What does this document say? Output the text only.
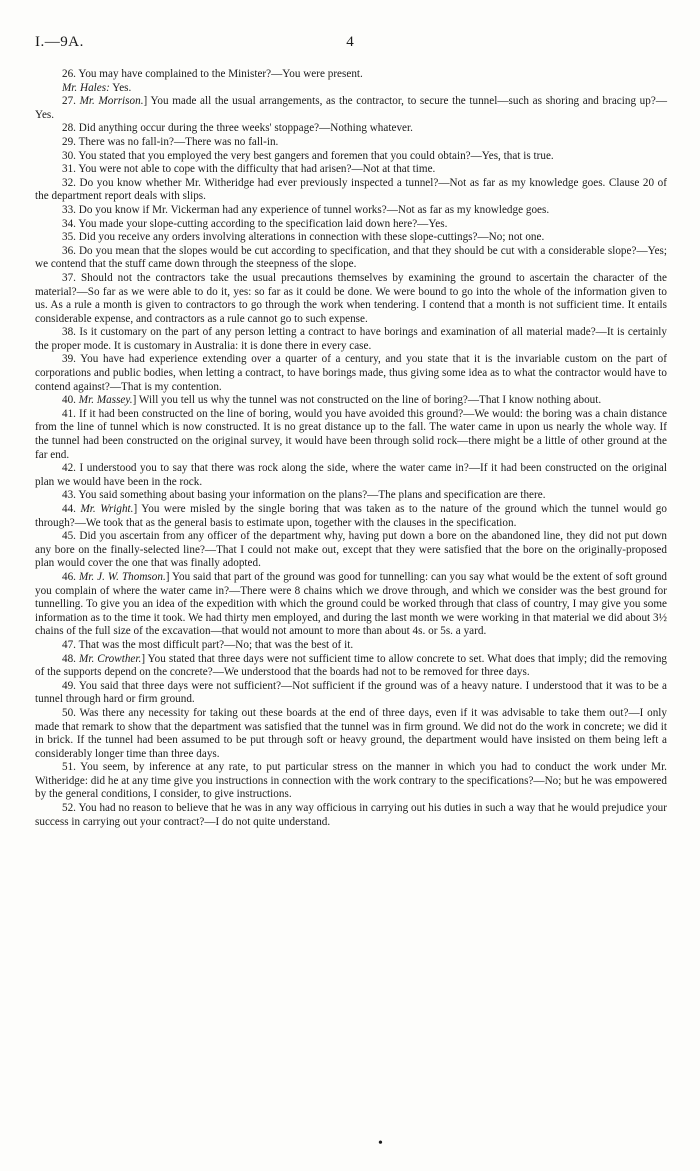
I.—9A.	4

26. You may have complained to the Minister?—You were present.

Mr. Hales: Yes.

27. Mr. Morrison.] You made all the usual arrangements, as the contractor, to secure the tunnel—such as shoring and bracing up?—Yes.

28. Did anything occur during the three weeks' stoppage?—Nothing whatever.

29. There was no fall-in?—There was no fall-in.

30. You stated that you employed the very best gangers and foremen that you could obtain?—Yes, that is true.

31. You were not able to cope with the difficulty that had arisen?—Not at that time.

32. Do you know whether Mr. Witheridge had ever previously inspected a tunnel?—Not as far as my knowledge goes. Clause 20 of the department report deals with slips.

33. Do you know if Mr. Vickerman had any experience of tunnel works?—Not as far as my knowledge goes.

34. You made your slope-cutting according to the specification laid down here?—Yes.

35. Did you receive any orders involving alterations in connection with these slope-cuttings?—No; not one.

36. Do you mean that the slopes would be cut according to specification, and that they should be cut with a considerable slope?—Yes; we contend that the stuff came down through the steepness of the slope.

37. Should not the contractors take the usual precautions themselves by examining the ground to ascertain the character of the material?—So far as we were able to do it, yes: so far as it could be done. We were bound to go into the whole of the information given to us. As a rule a month is given to contractors to go through the work when tendering. I contend that a month is not sufficient time. It entails considerable expense, and contractors as a rule cannot go to such expense.

38. Is it customary on the part of any person letting a contract to have borings and examination of all material made?—It is certainly the proper mode. It is customary in Australia: it is done there in every case.

39. You have had experience extending over a quarter of a century, and you state that it is the invariable custom on the part of corporations and public bodies, when letting a contract, to have borings made, thus giving some idea as to what the contractor would have to contend against?—That is my contention.

40. Mr. Massey.] Will you tell us why the tunnel was not constructed on the line of boring?—That I know nothing about.

41. If it had been constructed on the line of boring, would you have avoided this ground?—We would: the boring was a chain distance from the line of tunnel which is now constructed. It is no great distance up to the fall. The water came in upon us nearly the whole way. If the tunnel had been constructed on the original survey, it would have been through solid rock—there might be a little of other ground at the far end.

42. I understood you to say that there was rock along the side, where the water came in?—If it had been constructed on the original plan we would have been in the rock.

43. You said something about basing your information on the plans?—The plans and specification are there.

44. Mr. Wright.] You were misled by the single boring that was taken as to the nature of the ground which the tunnel would go through?—We took that as the general basis to estimate upon, together with the clauses in the specification.

45. Did you ascertain from any officer of the department why, having put down a bore on the abandoned line, they did not put down any bore on the finally-selected line?—That I could not make out, except that they were satisfied that the bore on the originally-proposed plan would cover the one that was finally adopted.

46. Mr. J. W. Thomson.] You said that part of the ground was good for tunnelling: can you say what would be the extent of soft ground you complain of where the water came in?—There were 8 chains which we drove through, and which we consider was the best ground for tunnelling. To give you an idea of the expedition with which the ground could be worked through that class of country, I may give you some information as to the time it took. We had thirty men employed, and during the last month we were working in that material we did about 3½ chains of the full size of the excavation—that would not amount to more than about 4s. or 5s. a yard.

47. That was the most difficult part?—No; that was the best of it.

48. Mr. Crowther.] You stated that three days were not sufficient time to allow concrete to set. What does that imply; did the removing of the supports depend on the concrete?—We understood that the boards had not to be removed for three days.

49. You said that three days were not sufficient?—Not sufficient if the ground was of a heavy nature. I understood that it was to be a tunnel through hard or firm ground.

50. Was there any necessity for taking out these boards at the end of three days, even if it was advisable to take them out?—I only made that remark to show that the department was satisfied that the tunnel was in firm ground. We did not do the work in concrete; we did it in brick. If the tunnel had been assumed to be put through soft or heavy ground, the department would have insisted on them being left a considerably longer time than three days.

51. You seem, by inference at any rate, to put particular stress on the manner in which you had to conduct the work under Mr. Witheridge: did he at any time give you instructions in connection with the work contrary to the specifications?—No; but he was empowered by the general conditions, I consider, to give instructions.

52. You had no reason to believe that he was in any way officious in carrying out his duties in such a way that he would prejudice your success in carrying out your contract?—I do not quite understand.

•
